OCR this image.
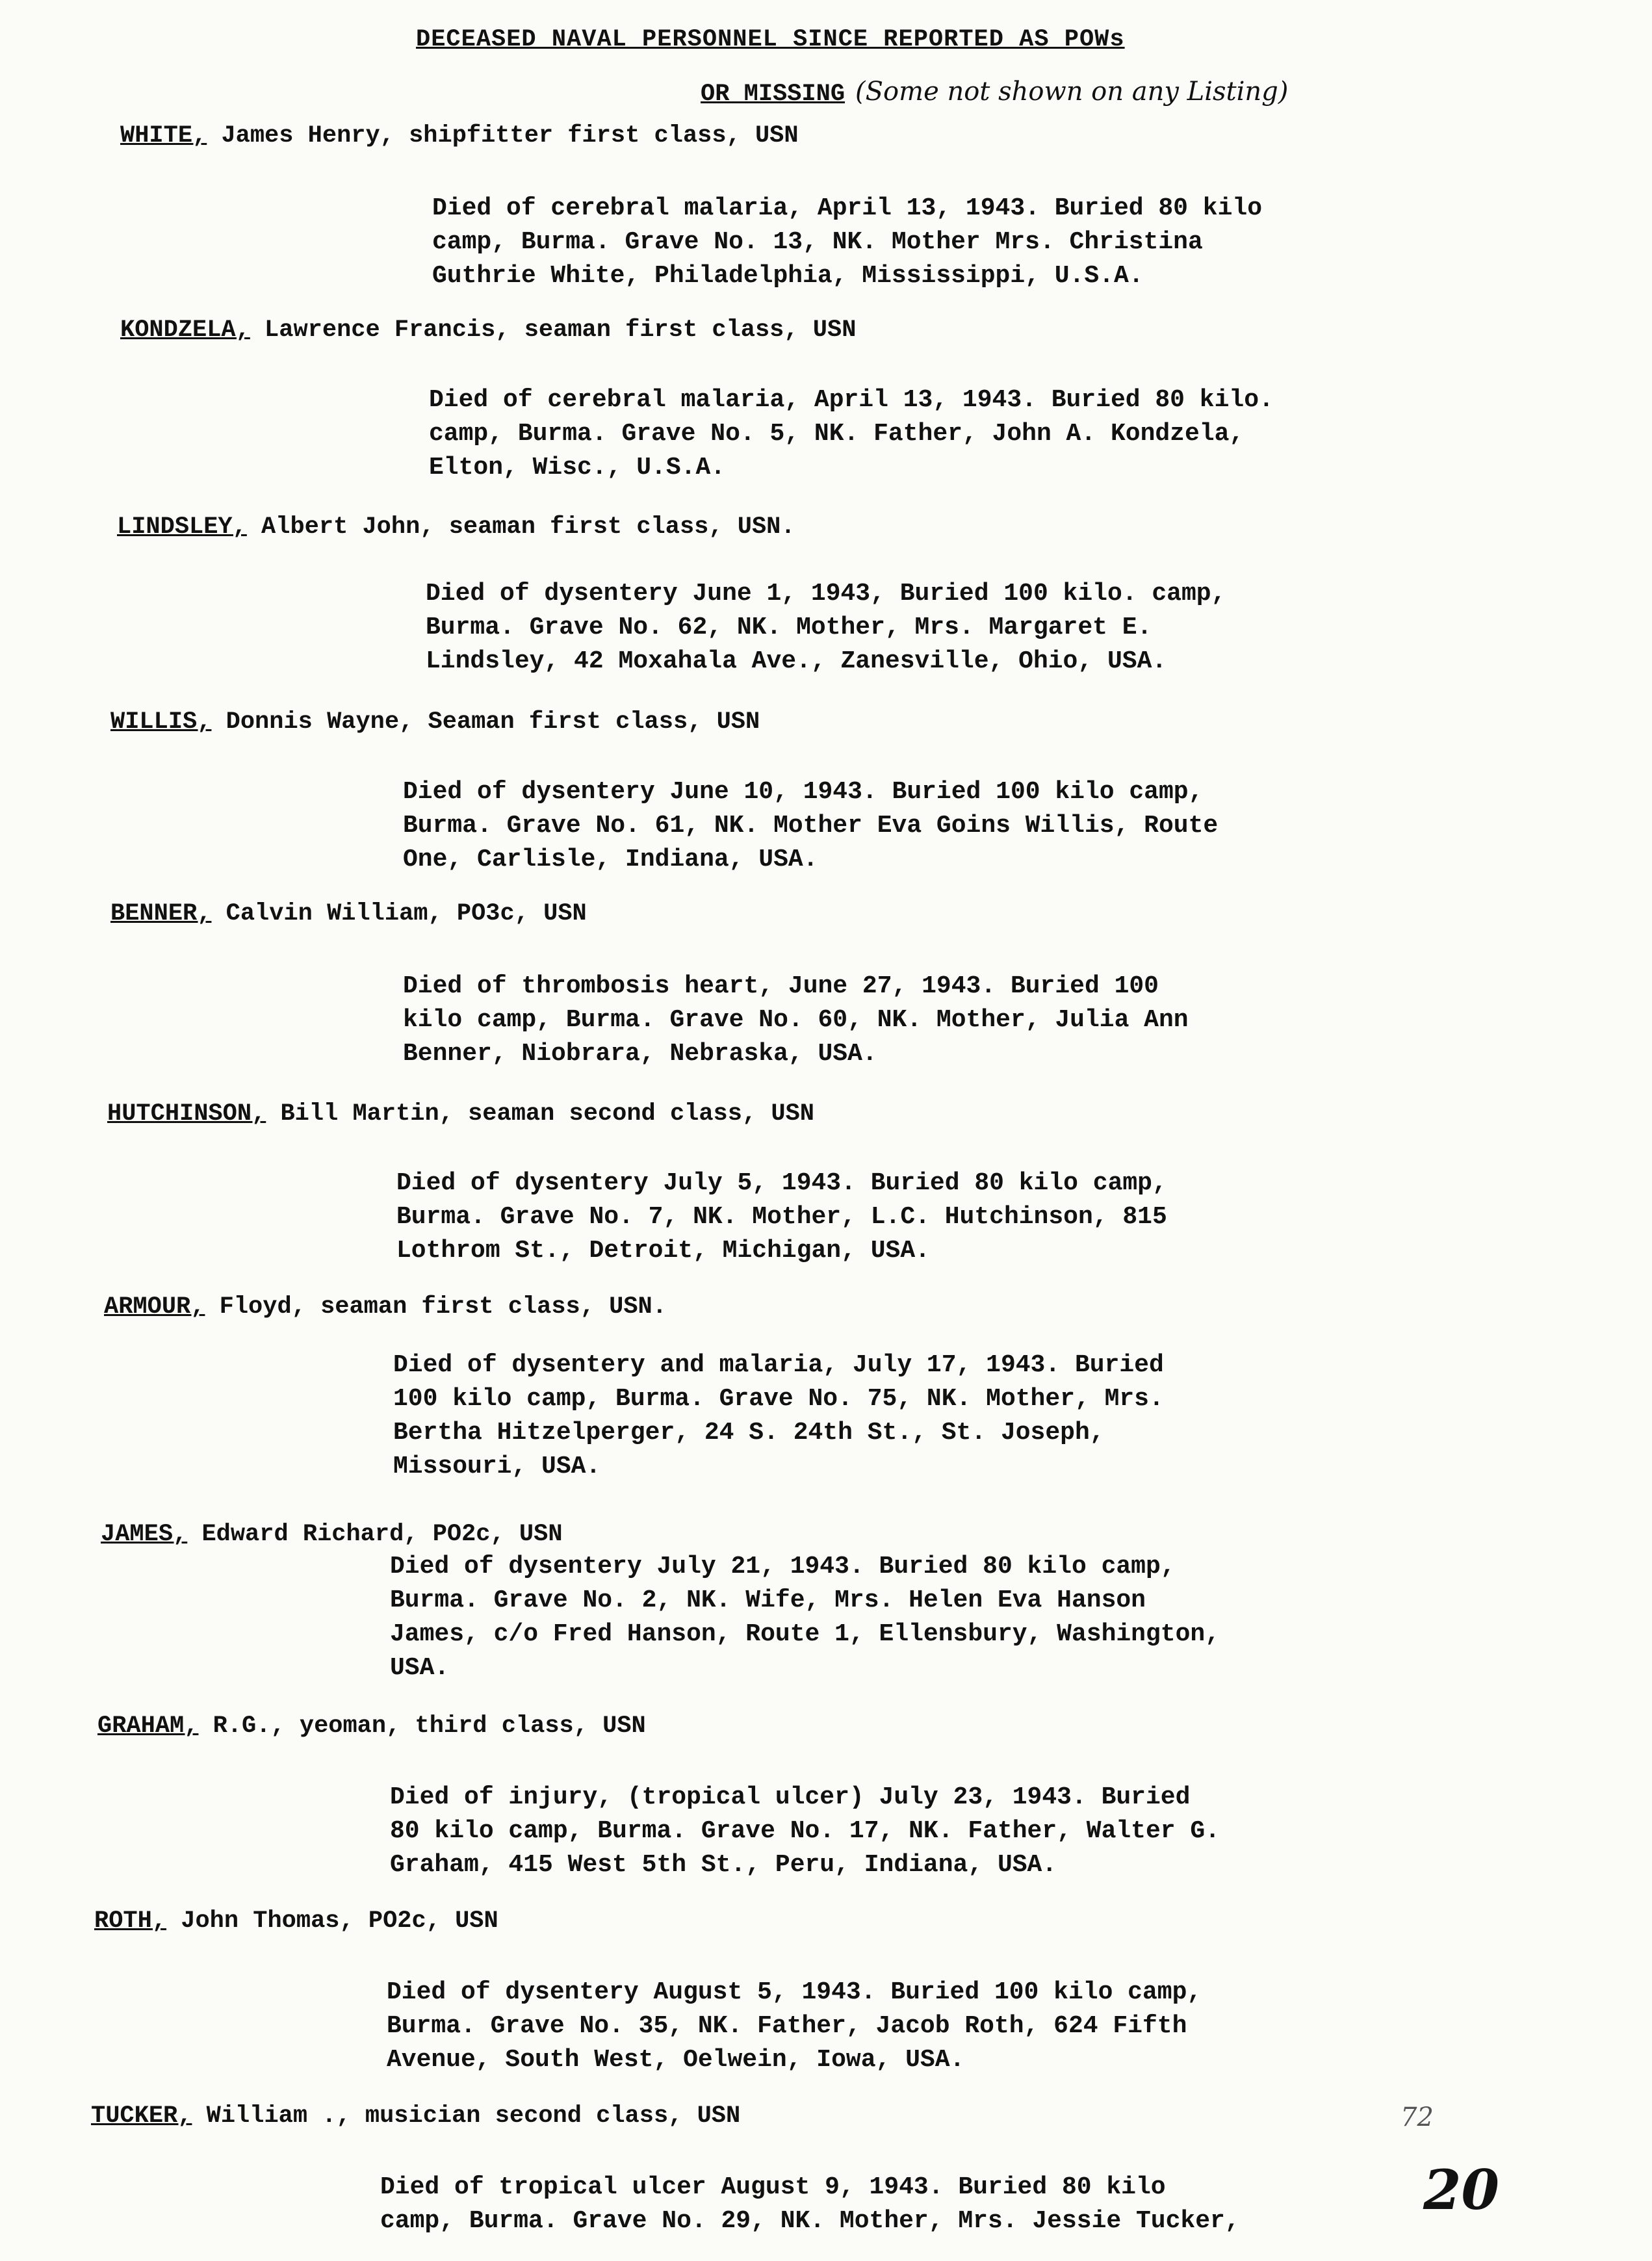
DECEASED NAVAL PERSONNEL SINCE REPORTED AS POWs
OR MISSING (Some not shown on any Listing)
WHITE, James Henry, shipfitter first class, USN
Died of cerebral malaria, April 13, 1943. Buried 80 kilo
camp, Burma. Grave No. 13, NK. Mother Mrs. Christina
Guthrie White, Philadelphia, Mississippi, U.S.A.
KONDZELA, Lawrence Francis, seaman first class, USN
Died of cerebral malaria, April 13, 1943. Buried 80 kilo.
camp, Burma. Grave No. 5, NK. Father, John A. Kondzela,
Elton, Wisc., U.S.A.
LINDSLEY, Albert John, seaman first class, USN.
Died of dysentery June 1, 1943, Buried 100 kilo. camp,
Burma. Grave No. 62, NK. Mother, Mrs. Margaret E.
Lindsley, 42 Moxahala Ave., Zanesville, Ohio, USA.
WILLIS, Donnis Wayne, Seaman first class, USN
Died of dysentery June 10, 1943. Buried 100 kilo camp,
Burma. Grave No. 61, NK. Mother Eva Goins Willis, Route
One, Carlisle, Indiana, USA.
BENNER, Calvin William, PO3c, USN
Died of thrombosis heart, June 27, 1943. Buried 100
kilo camp, Burma. Grave No. 60, NK. Mother, Julia Ann
Benner, Niobrara, Nebraska, USA.
HUTCHINSON, Bill Martin, seaman second class, USN
Died of dysentery July 5, 1943. Buried 80 kilo camp,
Burma. Grave No. 7, NK. Mother, L.C. Hutchinson, 815
Lothrom St., Detroit, Michigan, USA.
ARMOUR, Floyd, seaman first class, USN.
Died of dysentery and malaria, July 17, 1943. Buried
100 kilo camp, Burma. Grave No. 75, NK. Mother, Mrs.
Bertha Hitzelperger, 24 S. 24th St., St. Joseph,
Missouri, USA.
JAMES, Edward Richard, PO2c, USN
Died of dysentery July 21, 1943. Buried 80 kilo camp,
Burma. Grave No. 2, NK. Wife, Mrs. Helen Eva Hanson
James, c/o Fred Hanson, Route 1, Ellensbury, Washington,
USA.
GRAHAM, R.G., yeoman, third class, USN
Died of injury, (tropical ulcer) July 23, 1943. Buried
80 kilo camp, Burma. Grave No. 17, NK. Father, Walter G.
Graham, 415 West 5th St., Peru, Indiana, USA.
ROTH, John Thomas, PO2c, USN
Died of dysentery August 5, 1943. Buried 100 kilo camp,
Burma. Grave No. 35, NK. Father, Jacob Roth, 624 Fifth
Avenue, South West, Oelwein, Iowa, USA.
TUCKER, William ., musician second class, USN
Died of tropical ulcer August 9, 1943. Buried 80 kilo
camp, Burma. Grave No. 29, NK. Mother, Mrs. Jessie Tucker,
72
20
